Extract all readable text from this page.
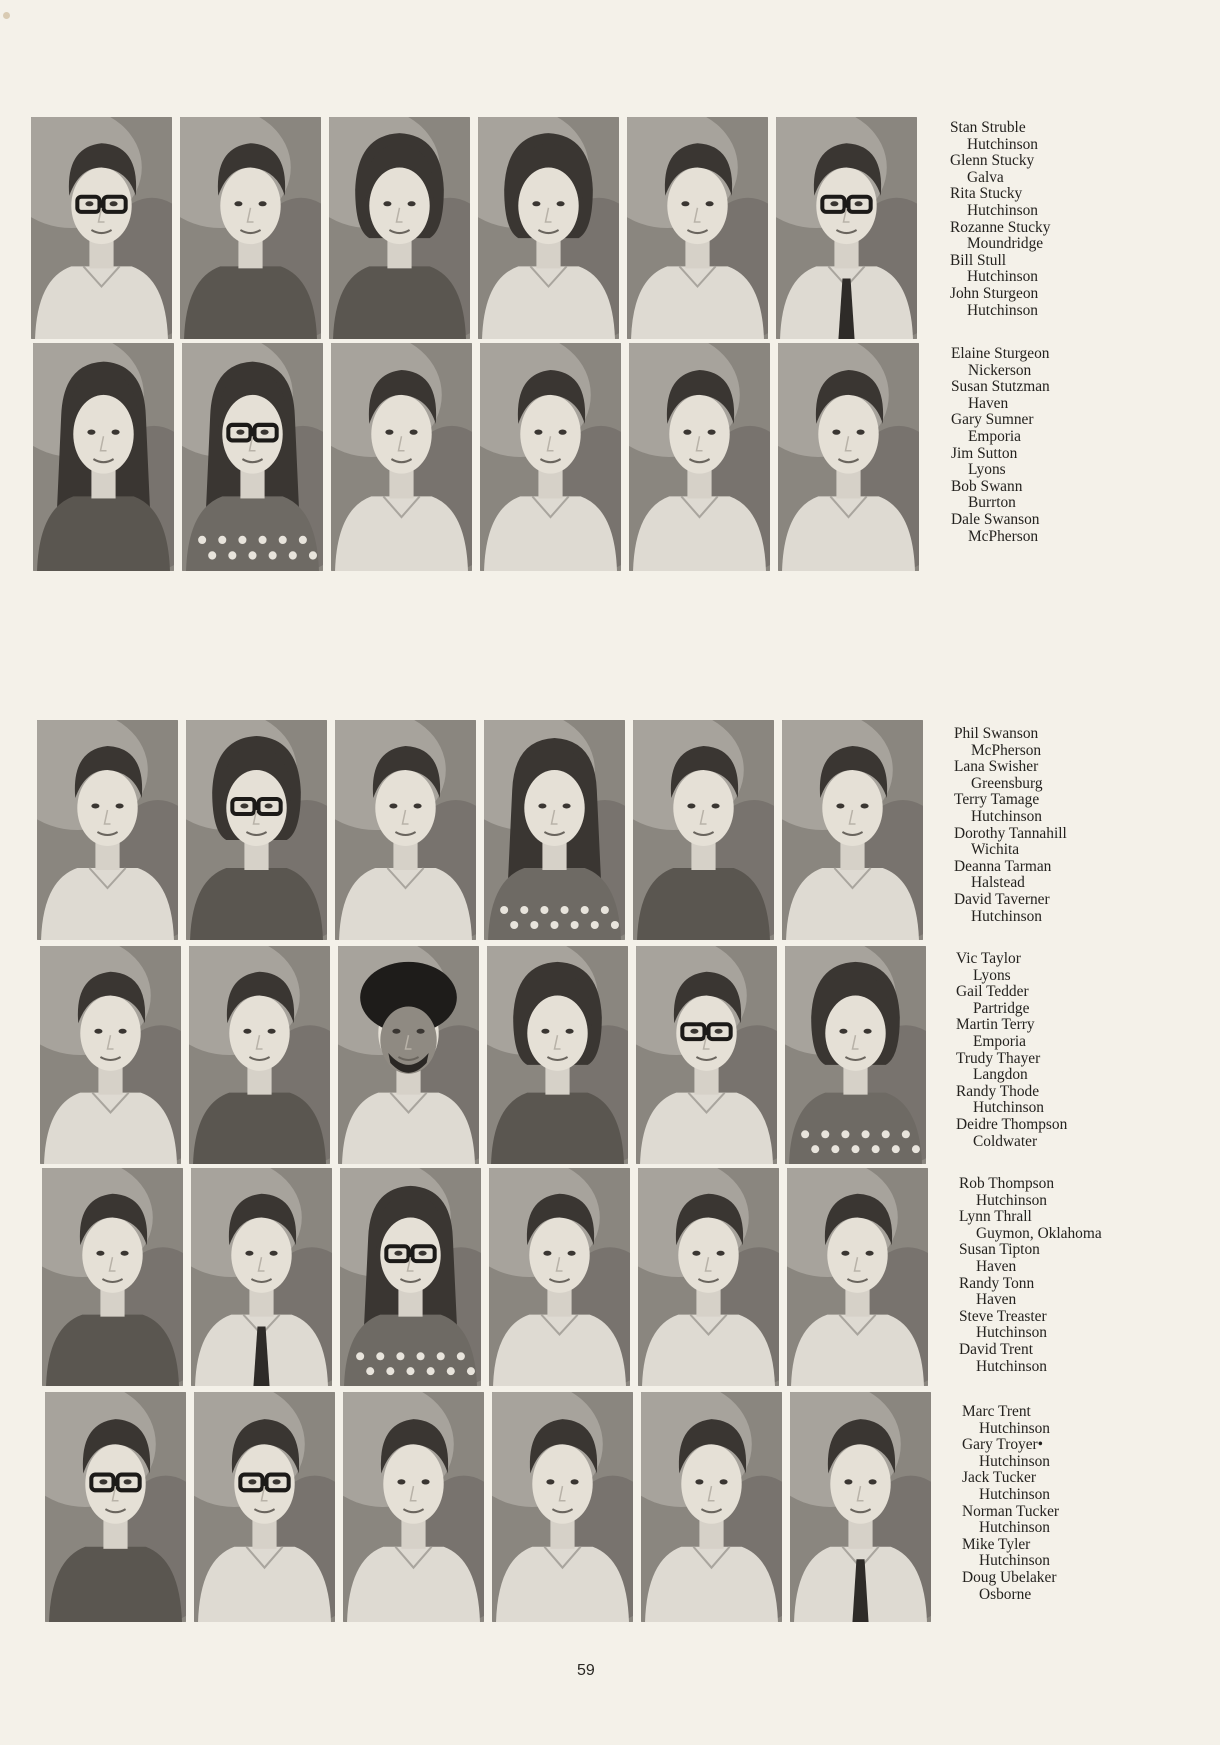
Stan Struble
Hutchinson
Glenn Stucky
Galva
Rita Stucky
Hutchinson
Rozanne Stucky
Moundridge
Bill Stull
Hutchinson
John Sturgeon
Hutchinson
Elaine Sturgeon
Nickerson
Susan Stutzman
Haven
Gary Sumner
Emporia
Jim Sutton
Lyons
Bob Swann
Burrton
Dale Swanson
McPherson
Phil Swanson
McPherson
Lana Swisher
Greensburg
Terry Tamage
Hutchinson
Dorothy Tannahill
Wichita
Deanna Tarman
Halstead
David Taverner
Hutchinson
Vic Taylor
Lyons
Gail Tedder
Partridge
Martin Terry
Emporia
Trudy Thayer
Langdon
Randy Thode
Hutchinson
Deidre Thompson
Coldwater
Rob Thompson
Hutchinson
Lynn Thrall
Guymon, Oklahoma
Susan Tipton
Haven
Randy Tonn
Haven
Steve Treaster
Hutchinson
David Trent
Hutchinson
Marc Trent
Hutchinson
Gary Troyer•
Hutchinson
Jack Tucker
Hutchinson
Norman Tucker
Hutchinson
Mike Tyler
Hutchinson
Doug Ubelaker
Osborne
59
